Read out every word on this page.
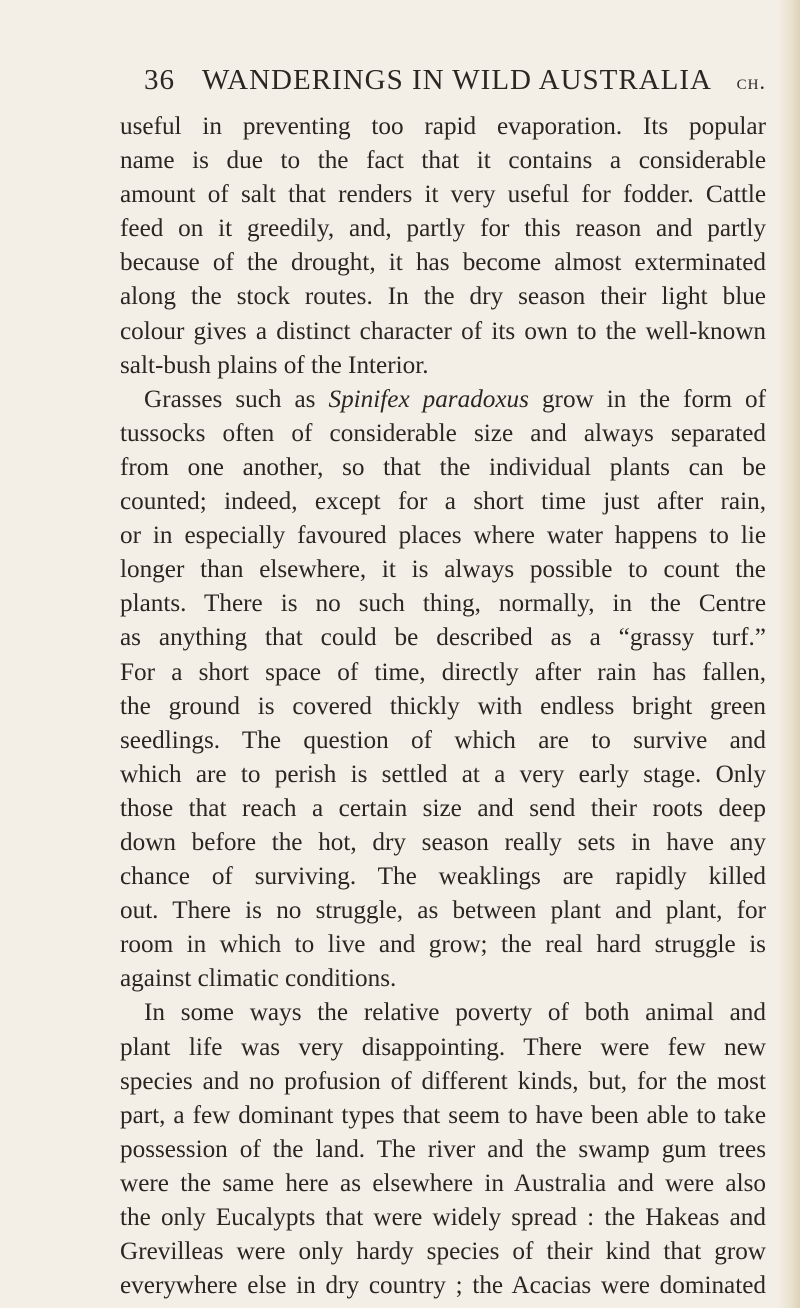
36 WANDERINGS IN WILD AUSTRALIA	ch.

useful in preventing too rapid evaporation. Its popular
name is due to the fact that it contains a considerable
amount of salt that renders it very useful for fodder. Cattle
feed on it greedily, and, partly for this reason and partly
because of the drought, it has become almost exterminated
along the stock routes. In the dry season their light blue
colour gives a distinct character of its own to the well-known
salt-bush plains of the Interior.

Grasses such as Spinifex paradoxus grow in the form of
tussocks often of considerable size and always separated
from one another, so that the individual plants can be
counted; indeed, except for a short time just after rain,
or in especially favoured places where water happens to lie
longer than elsewhere, it is always possible to count the
plants. There is no such thing, normally, in the Centre
as anything that could be described as a “grassy turf.”
For a short space of time, directly after rain has fallen,
the ground is covered thickly with endless bright green
seedlings. The question of which are to survive and
which are to perish is settled at a very early stage. Only
those that reach a certain size and send their roots deep
down before the hot, dry season really sets in have any
chance of surviving. The weaklings are rapidly killed
out. There is no struggle, as between plant and plant, for
room in which to live and grow; the real hard struggle is
against climatic conditions.

In some ways the relative poverty of both animal and
plant life was very disappointing. There were few new
species and no profusion of different kinds, but, for the most
part, a few dominant types that seem to have been able to take
possession of the land. The river and the swamp gum trees
were the same here as elsewhere in Australia and were also
the only Eucalypts that were widely spread : the Hakeas and
Grevilleas were only hardy species of their kind that grow
everywhere else in dry country ; the Acacias were dominated
